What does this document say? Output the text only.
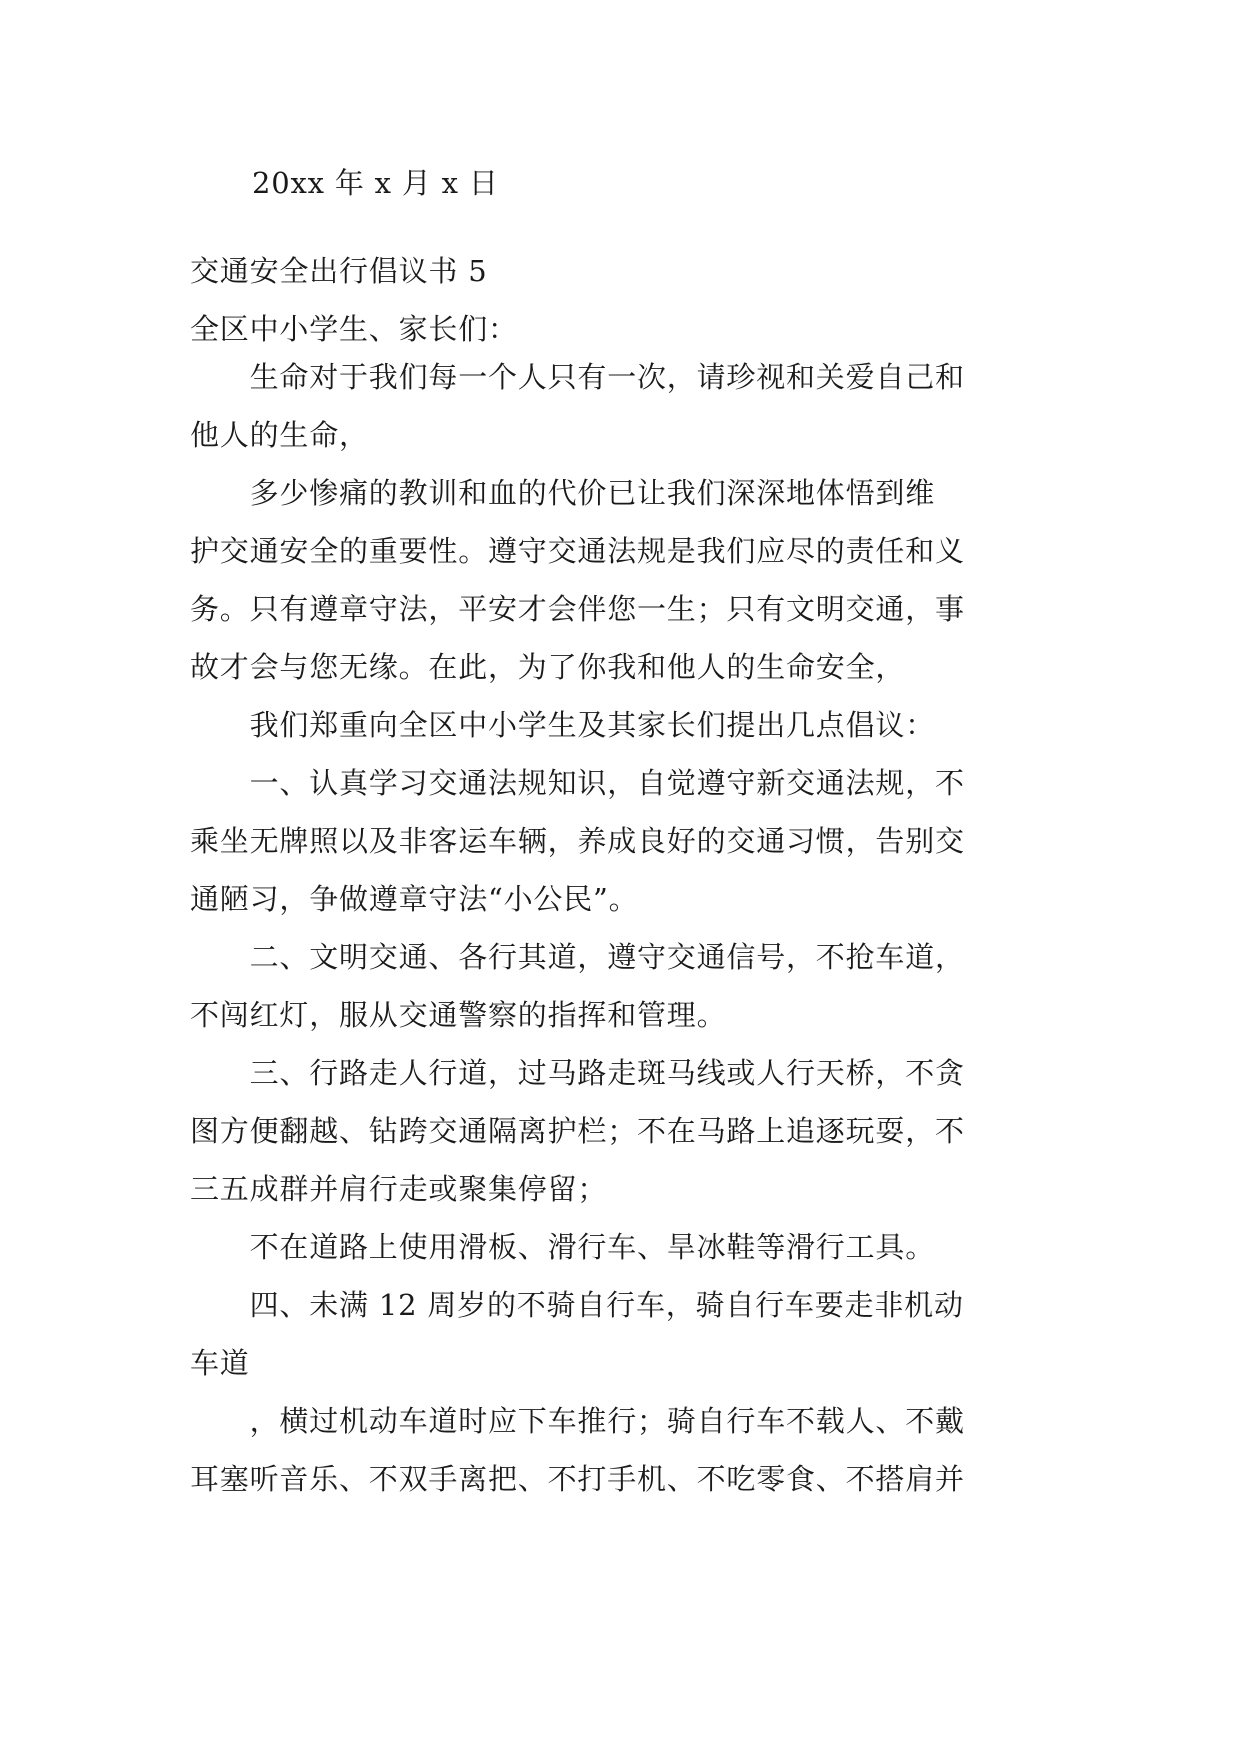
20xx 年 x 月 x 日
交通安全出行倡议书 5
全区中小学生、家长们：
　　生命对于我们每一个人只有一次，请珍视和关爱自己和
他人的生命，
　　多少惨痛的教训和血的代价已让我们深深地体悟到维
护交通安全的重要性。遵守交通法规是我们应尽的责任和义
务。只有遵章守法，平安才会伴您一生；只有文明交通，事
故才会与您无缘。在此，为了你我和他人的生命安全，
　　我们郑重向全区中小学生及其家长们提出几点倡议：
　　一、认真学习交通法规知识，自觉遵守新交通法规，不
乘坐无牌照以及非客运车辆，养成良好的交通习惯，告别交
通陋习，争做遵章守法“小公民”。
　　二、文明交通、各行其道，遵守交通信号，不抢车道，
不闯红灯，服从交通警察的指挥和管理。
　　三、行路走人行道，过马路走斑马线或人行天桥，不贪
图方便翻越、钻跨交通隔离护栏；不在马路上追逐玩耍，不
三五成群并肩行走或聚集停留；
　　不在道路上使用滑板、滑行车、旱冰鞋等滑行工具。
　　四、未满 12 周岁的不骑自行车，骑自行车要走非机动
车道
　　，横过机动车道时应下车推行；骑自行车不载人、不戴
耳塞听音乐、不双手离把、不打手机、不吃零食、不搭肩并
